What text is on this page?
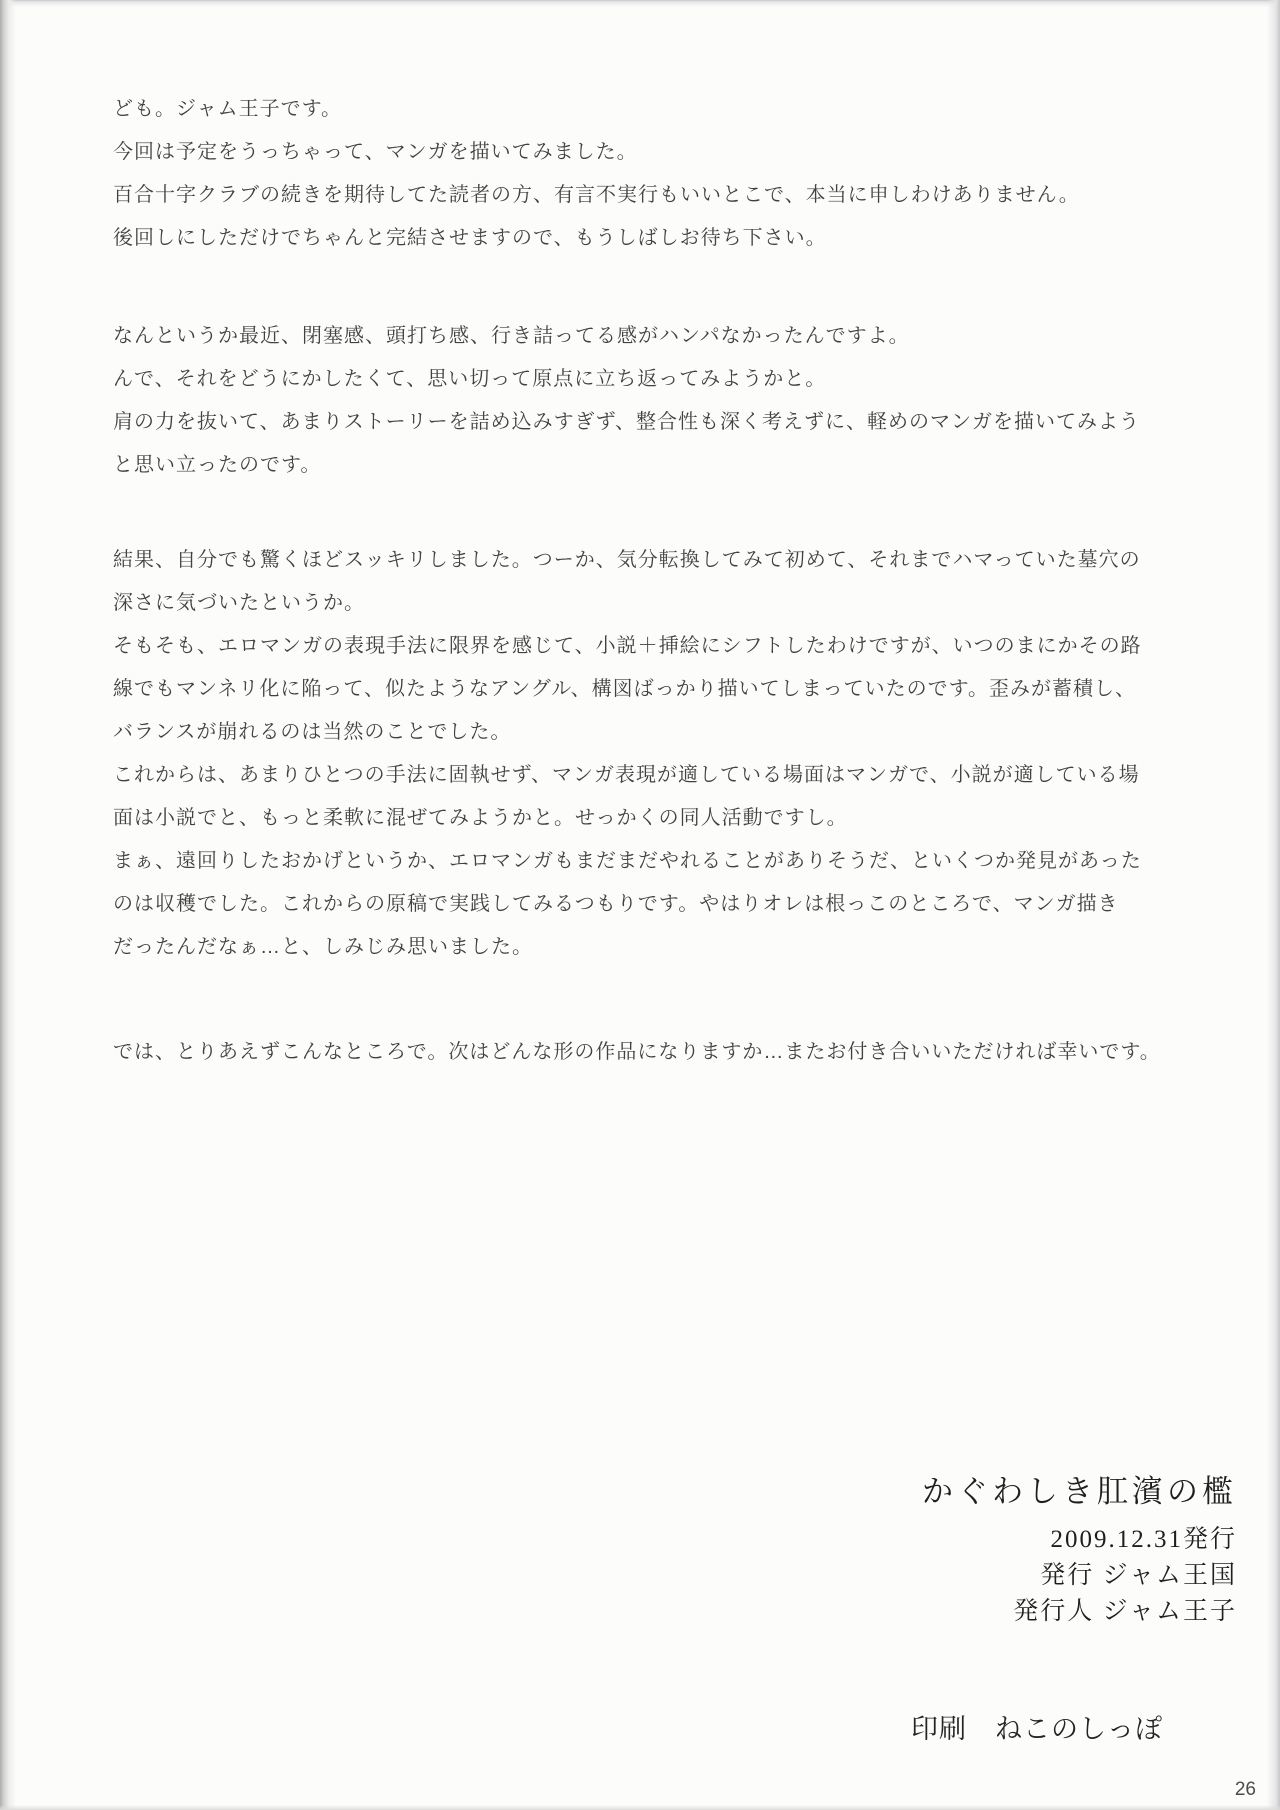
ども。ジャム王子です。
今回は予定をうっちゃって、マンガを描いてみました。
百合十字クラブの続きを期待してた読者の方、有言不実行もいいとこで、本当に申しわけありません。
後回しにしただけでちゃんと完結させますので、もうしばしお待ち下さい。
なんというか最近、閉塞感、頭打ち感、行き詰ってる感がハンパなかったんですよ。
んで、それをどうにかしたくて、思い切って原点に立ち返ってみようかと。
肩の力を抜いて、あまりストーリーを詰め込みすぎず、整合性も深く考えずに、軽めのマンガを描いてみよう
と思い立ったのです。
結果、自分でも驚くほどスッキリしました。つーか、気分転換してみて初めて、それまでハマっていた墓穴の
深さに気づいたというか。
そもそも、エロマンガの表現手法に限界を感じて、小説＋挿絵にシフトしたわけですが、いつのまにかその路
線でもマンネリ化に陥って、似たようなアングル、構図ばっかり描いてしまっていたのです。歪みが蓄積し、
バランスが崩れるのは当然のことでした。
これからは、あまりひとつの手法に固執せず、マンガ表現が適している場面はマンガで、小説が適している場
面は小説でと、もっと柔軟に混ぜてみようかと。せっかくの同人活動ですし。
まぁ、遠回りしたおかげというか、エロマンガもまだまだやれることがありそうだ、といくつか発見があった
のは収穫でした。これからの原稿で実践してみるつもりです。やはりオレは根っこのところで、マンガ描き
だったんだなぁ…と、しみじみ思いました。
では、とりあえずこんなところで。次はどんな形の作品になりますか…またお付き合いいただければ幸いです。
かぐわしき肛濱の檻
2009.12.31発行
発行 ジャム王国
発行人 ジャム王子
印刷　ねこのしっぽ
26
